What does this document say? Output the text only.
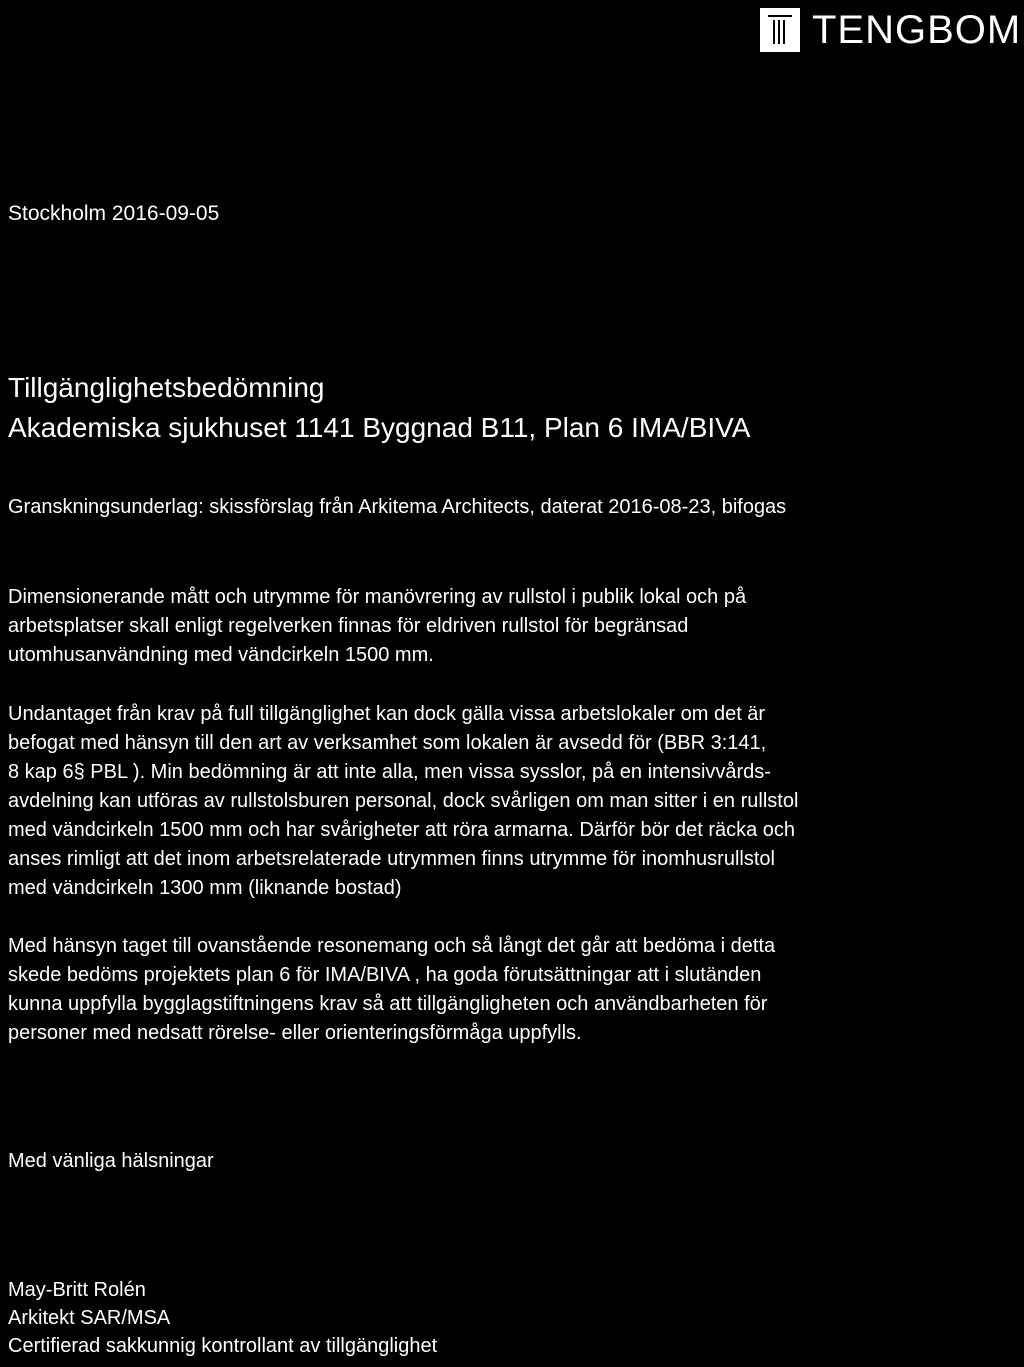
TENGBOM

Stockholm 2016-09-05

Tillgänglighetsbedömning
Akademiska sjukhuset 1141 Byggnad B11, Plan 6 IMA/BIVA

Granskningsunderlag: skissförslag från Arkitema Architects, daterat 2016-08-23, bifogas

Dimensionerande mått och utrymme för manövrering av rullstol i publik lokal och på
arbetsplatser skall enligt regelverken finnas för eldriven rullstol för begränsad
utomhusanvändning med vändcirkeln 1500 mm.
Undantaget från krav på full tillgänglighet kan dock gälla vissa arbetslokaler om det är
befogat med hänsyn till den art av verksamhet som lokalen är avsedd för (BBR 3:141,
8 kap 6§ PBL ). Min bedömning är att inte alla, men vissa sysslor, på en intensivvårds-
avdelning kan utföras av rullstolsburen personal, dock svårligen om man sitter i en rullstol
med vändcirkeln 1500 mm och har svårigheter att röra armarna. Därför bör det räcka och
anses rimligt att det inom arbetsrelaterade utrymmen finns utrymme för inomhusrullstol
med vändcirkeln 1300 mm (liknande bostad)
Med hänsyn taget till ovanstående resonemang och så långt det går att bedöma i detta
skede bedöms projektets plan 6 för IMA/BIVA , ha goda förutsättningar att i slutänden
kunna uppfylla bygglagstiftningens krav så att tillgängligheten och användbarheten för
personer med nedsatt rörelse- eller orienteringsförmåga uppfylls.

Med vänliga hälsningar

May-Britt Rolén
Arkitekt SAR/MSA
Certifierad sakkunnig kontrollant av tillgänglighet
